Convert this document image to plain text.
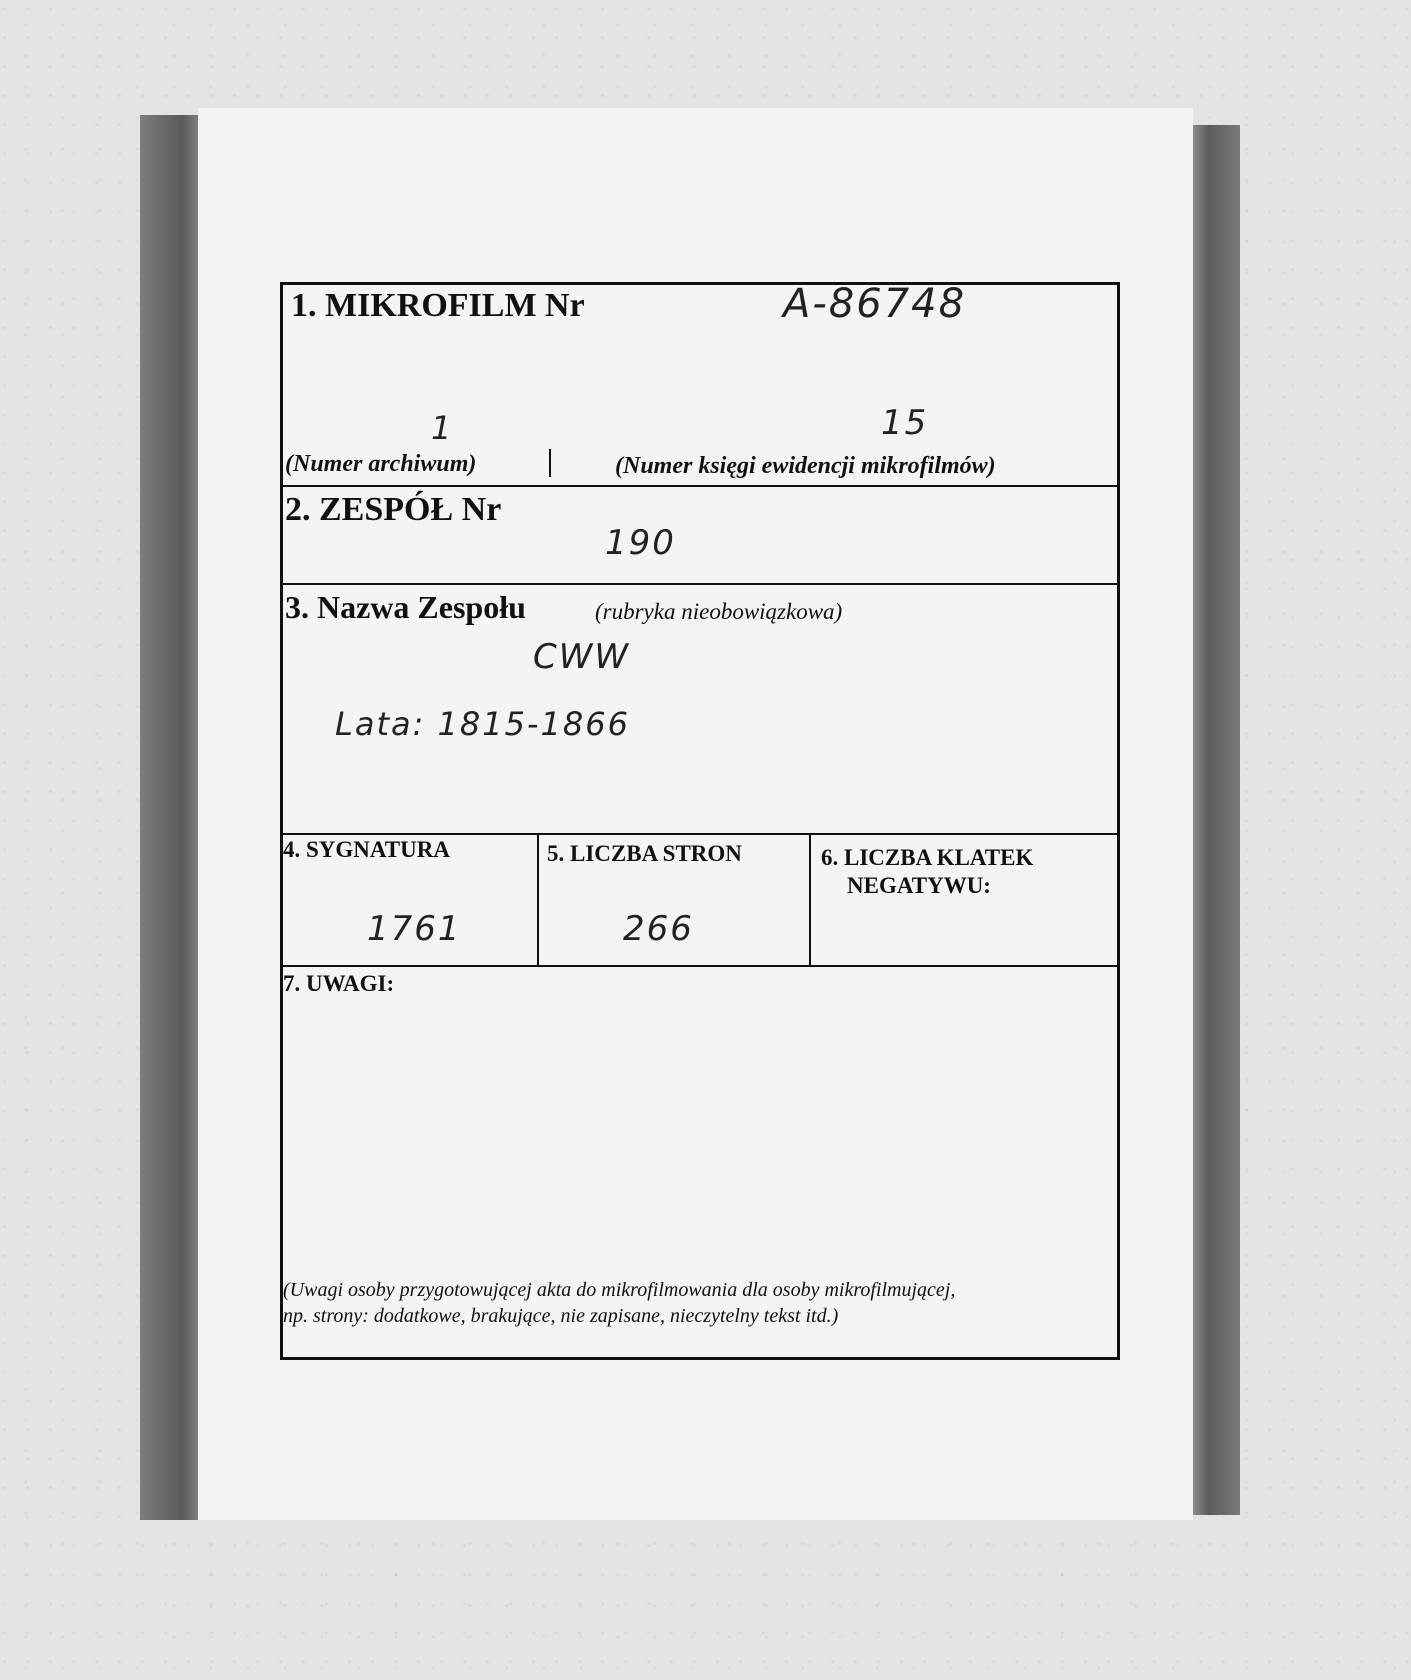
1. MIKROFILM Nr	A-86748
1	15
(Numer archiwum)	(Numer księgi ewidencji mikrofilmów)
2. ZESPÓŁ Nr
190
3. Nazwa Zespołu	(rubryka nieobowiązkowa)
CWW
Lata: 1815-1866
4. SYGNATURA
1761
5. LICZBA STRON
266
6. LICZBA KLATEK
NEGATYWU:
7. UWAGI:
(Uwagi osoby przygotowującej akta do mikrofilmowania dla osoby mikrofilmującej,
np. strony: dodatkowe, brakujące, nie zapisane, nieczytelny tekst itd.)
